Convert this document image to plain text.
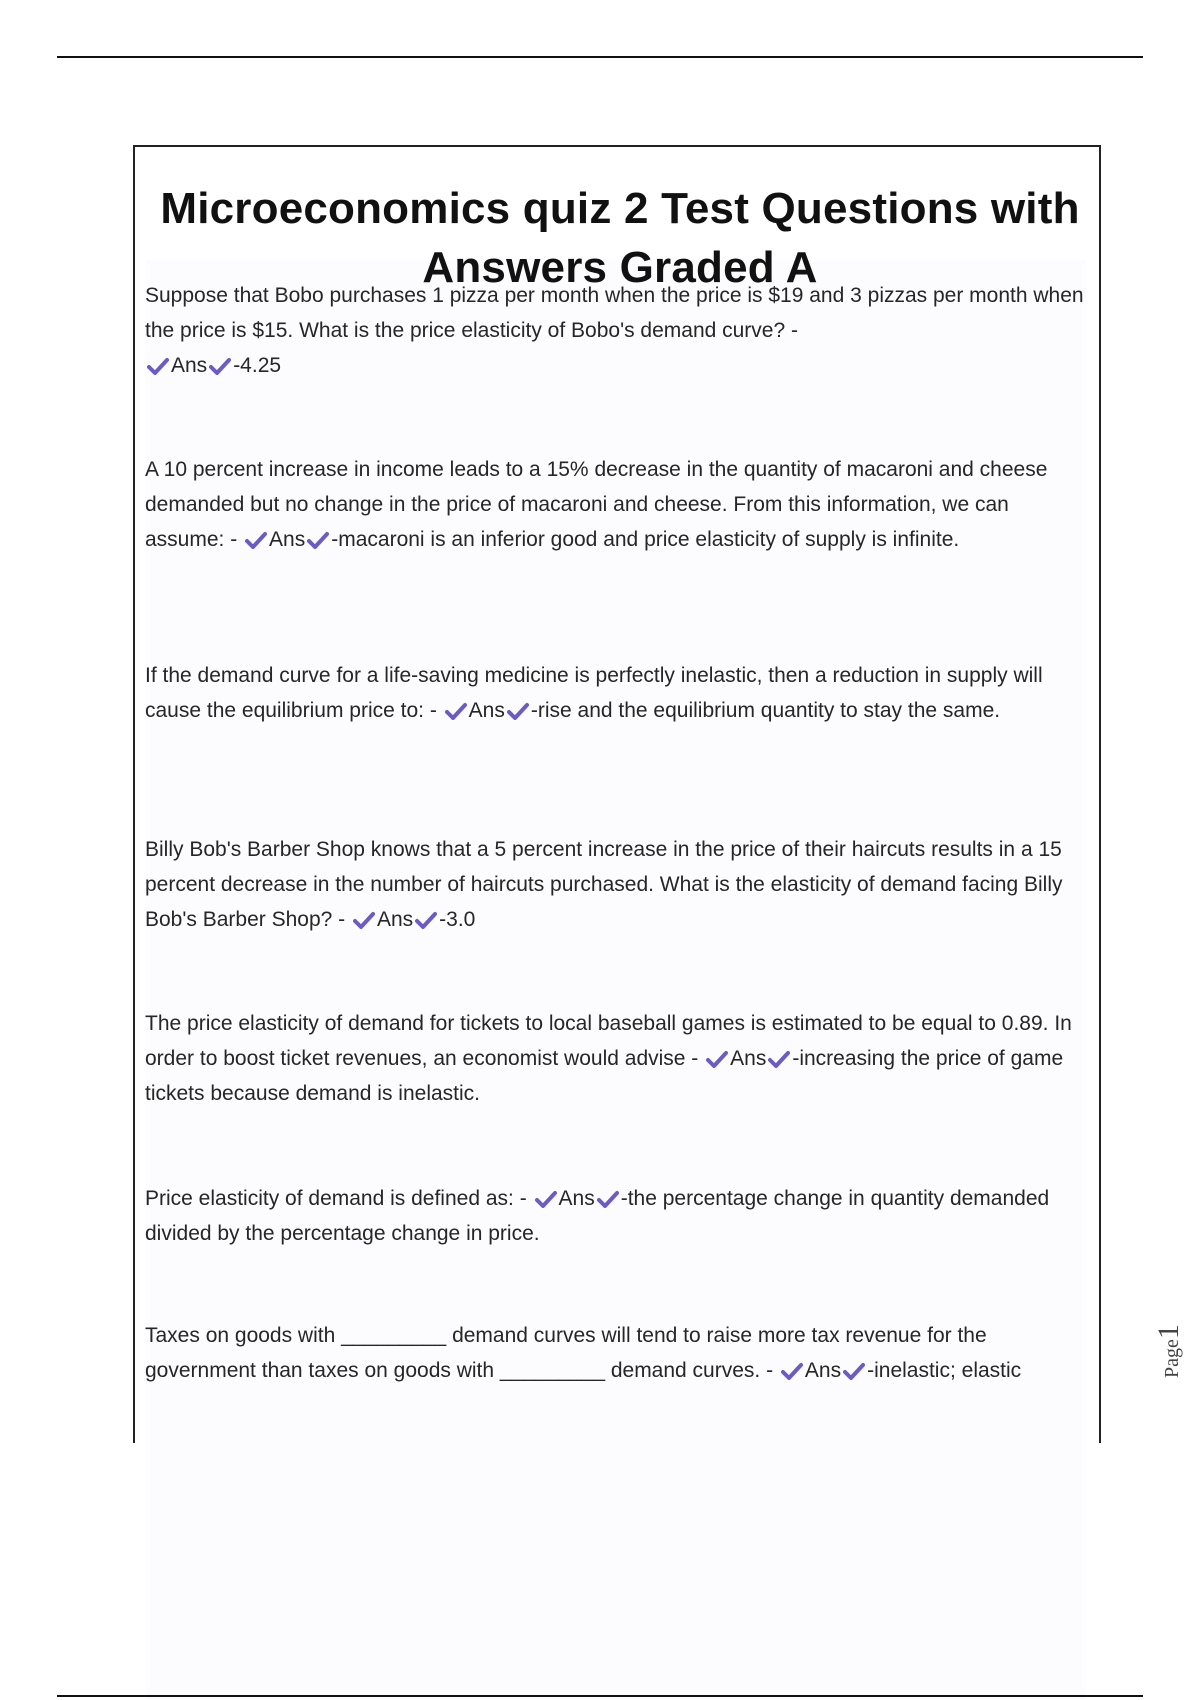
Microeconomics quiz 2 Test Questions with Answers Graded A
Suppose that Bobo purchases 1 pizza per month when the price is $19 and 3 pizzas per month when the price is $15. What is the price elasticity of Bobo's demand curve? -

Ans -4.25
A 10 percent increase in income leads to a 15% decrease in the quantity of macaroni and cheese demanded but no change in the price of macaroni and cheese. From this information, we can assume: - Ans -macaroni is an inferior good and price elasticity of supply is infinite.
If the demand curve for a life-saving medicine is perfectly inelastic, then a reduction in supply will cause the equilibrium price to: - Ans -rise and the equilibrium quantity to stay the same.
Billy Bob's Barber Shop knows that a 5 percent increase in the price of their haircuts results in a 15 percent decrease in the number of haircuts purchased. What is the elasticity of demand facing Billy Bob's Barber Shop? - Ans -3.0
The price elasticity of demand for tickets to local baseball games is estimated to be equal to 0.89. In order to boost ticket revenues, an economist would advise - Ans -increasing the price of game tickets because demand is inelastic.
Price elasticity of demand is defined as: - Ans -the percentage change in quantity demanded divided by the percentage change in price.
Taxes on goods with _________ demand curves will tend to raise more tax revenue for the government than taxes on goods with _________ demand curves. - Ans -inelastic; elastic	Page1
